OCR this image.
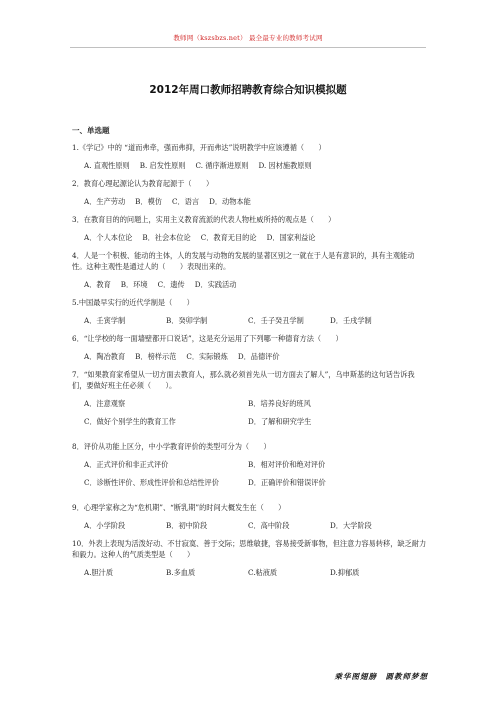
教师网（kszsbzs.net） 最全最专业的教师考试网
2012年周口教师招聘教育综合知识模拟题
一、单选题
1.《学记》中的 “道而弗牵，强而弗抑，开而弗达”说明教学中应该遵循（　　）
A. 直观性原则 B. 启发性原则 C. 循序渐进原则 D. 因材施教原则
2．教育心理起源论认为教育起源于（　　）
A．生产劳动 B．模仿 C．语言 D．动物本能
3．在教育目的的问题上，实用主义教育流派的代表人物杜威所持的观点是（　　）
A．个人本位论 B．社会本位论 C．教育无目的论 D．国家利益论
4．人是一个积极、能动的主体，人的发展与动物的发展的显著区别之一就在于人是有意识的，具有主观能动性。这种主观性是通过人的（　　）表现出来的。
A．教育 B．环境 C．遗传 D．实践活动
5.中国最早实行的近代学制是（　　）
A．壬寅学制	B．癸卯学制	C．壬子癸丑学制	D．壬戌学制
6．“让学校的每一面墙壁都开口说话”，这是充分运用了下列哪一种德育方法（　　）
A．陶冶教育 B．榜样示范 C．实际锻炼 D．品德评价
7．“如果教育家希望从一切方面去教育人，那么就必须首先从一切方面去了解人”，乌申斯基的这句话告诉我们，要做好班主任必须（　　）。
A．注意观察	B．培养良好的班风
C．做好个别学生的教育工作	D．了解和研究学生
8．评价从功能上区分，中小学教育评价的类型可分为（　　）
A．正式评价和非正式评价	B．相对评价和绝对评价
C．诊断性评价、形成性评价和总结性评价	D．正确评价和错误评价
9．心理学家称之为“危机期”、“断乳期”的时间大概发生在（　　）
A．小学阶段	B．初中阶段	C．高中阶段	D．大学阶段
10．外表上表现为活泼好动、不甘寂寞、善于交际；思维敏捷，容易接受新事物，但注意力容易转移，缺乏耐力和毅力。这种人的气质类型是（　　）
A.胆汁质	B.多血质	C.粘液质	D.抑郁质
乘华图翅膀　圆教师梦想
